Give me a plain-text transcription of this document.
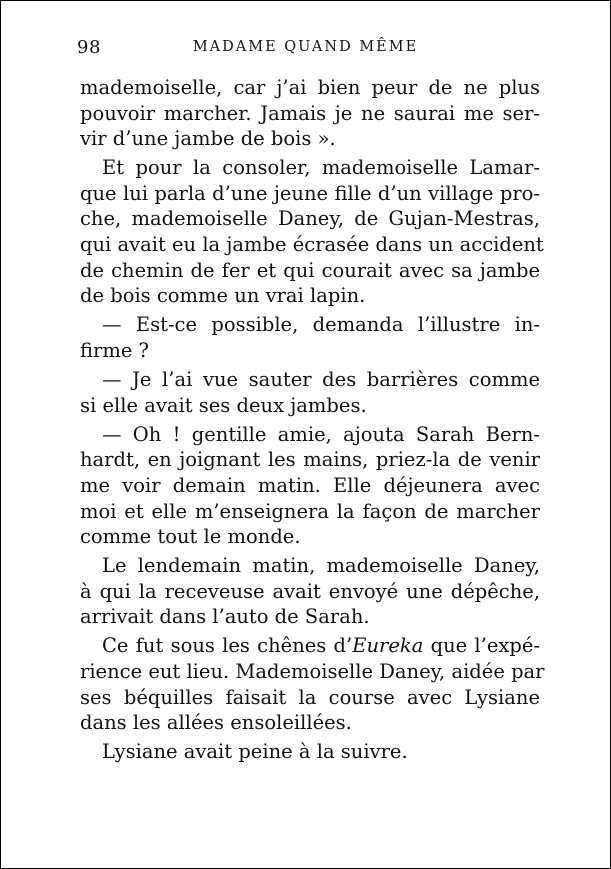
98	MADAME QUAND MÊME
mademoiselle, car j’ai bien peur de ne plus
pouvoir marcher. Jamais je ne saurai me ser-
vir d’une jambe de bois ».
Et pour la consoler, mademoiselle Lamar-
que lui parla d’une jeune fille d’un village pro-
che, mademoiselle Daney, de Gujan-Mestras,
qui avait eu la jambe écrasée dans un accident
de chemin de fer et qui courait avec sa jambe
de bois comme un vrai lapin.
— Est-ce possible, demanda l’illustre in-
firme ?
— Je l’ai vue sauter des barrières comme
si elle avait ses deux jambes.
— Oh ! gentille amie, ajouta Sarah Bern-
hardt, en joignant les mains, priez-la de venir
me voir demain matin. Elle déjeunera avec
moi et elle m’enseignera la façon de marcher
comme tout le monde.
Le lendemain matin, mademoiselle Daney,
à qui la receveuse avait envoyé une dépêche,
arrivait dans l’auto de Sarah.
Ce fut sous les chênes d’Eureka que l’expé-
rience eut lieu. Mademoiselle Daney, aidée par
ses béquilles faisait la course avec Lysiane
dans les allées ensoleillées.
Lysiane avait peine à la suivre.
